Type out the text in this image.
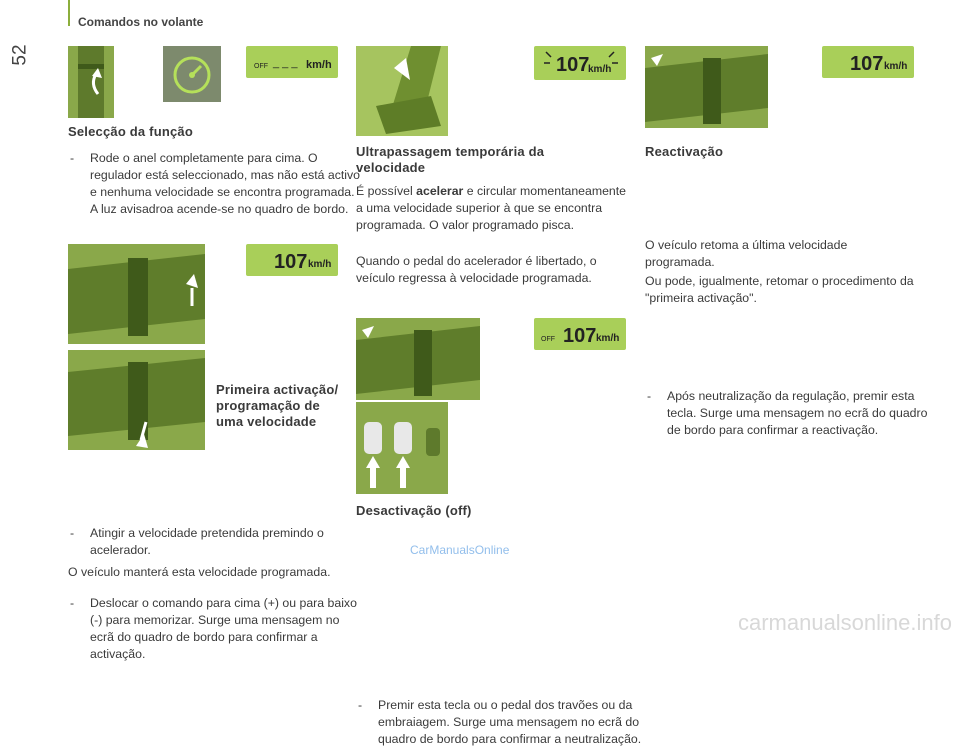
52
Comandos no volante
OFF _ _ _ km/h
Selecção da função

- Rode o anel completamente para cima. O regulador está seleccionado, mas não está activo e nenhuma velocidade se encontra programada. A luz avisadroa acende-se no quadro de bordo.

107 km/h
Primeira activação/ programação de uma velocidade

- Atingir a velocidade pretendida premindo o acelerador.

- Deslocar o comando para cima (+) ou para baixo (-) para memorizar. Surge uma mensagem no ecrã do quadro de bordo para confirmar a activação.

O veículo manterá esta velocidade programada.

107
km/h
Ultrapassagem temporária da velocidade

É possível acelerar e circular momentaneamente a uma velocidade superior à que se encontra programada. O valor programado pisca.

Quando o pedal do acelerador é libertado, o veículo regressa à velocidade programada.

OFF 107 km/h
Desactivação (off)

- Premir esta tecla ou o pedal dos travões ou da embraiagem. Surge uma mensagem no ecrã do quadro de bordo para confirmar a neutralização.

CarManualsOnline
107 km/h
Reactivação

- Após neutralização da regulação, premir esta tecla. Surge uma mensagem no ecrã do quadro de bordo para confirmar a reactivação.

O veículo retoma a última velocidade programada.

Ou pode, igualmente, retomar o procedimento da "primeira activação".

carmanualsonline.info
